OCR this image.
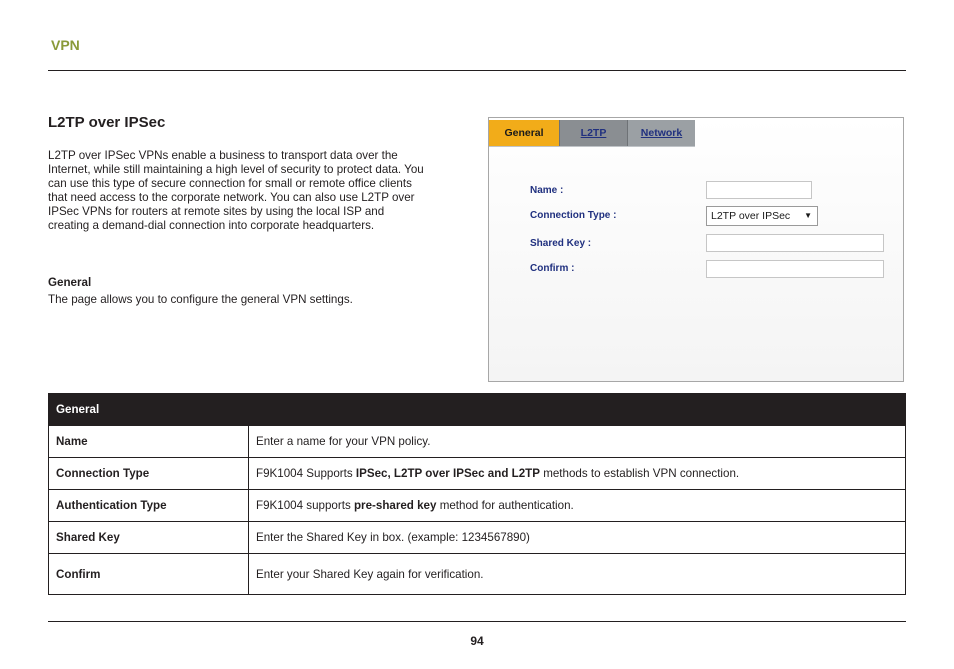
VPN
L2TP over IPSec
L2TP over IPSec VPNs enable a business to transport data over the Internet, while still maintaining a high level of security to protect data. You can use this type of secure connection for small or remote office clients that need access to the corporate network. You can also use L2TP over IPSec VPNs for routers at remote sites by using the local ISP and creating a demand-dial connection into corporate headquarters.
General
The page allows you to configure the general VPN settings.
General	L2TP	Network
Name :
Connection Type :	L2TP over IPSec ▼
Shared Key :
Confirm :
General	
Name	Enter a name for your VPN policy.
Connection Type	F9K1004 Supports IPSec, L2TP over IPSec and L2TP methods to establish VPN connection.
Authentication Type	F9K1004 supports pre-shared key method for authentication.
Shared Key	Enter the Shared Key in box. (example: 1234567890)
Confirm	Enter your Shared Key again for verification.
94
